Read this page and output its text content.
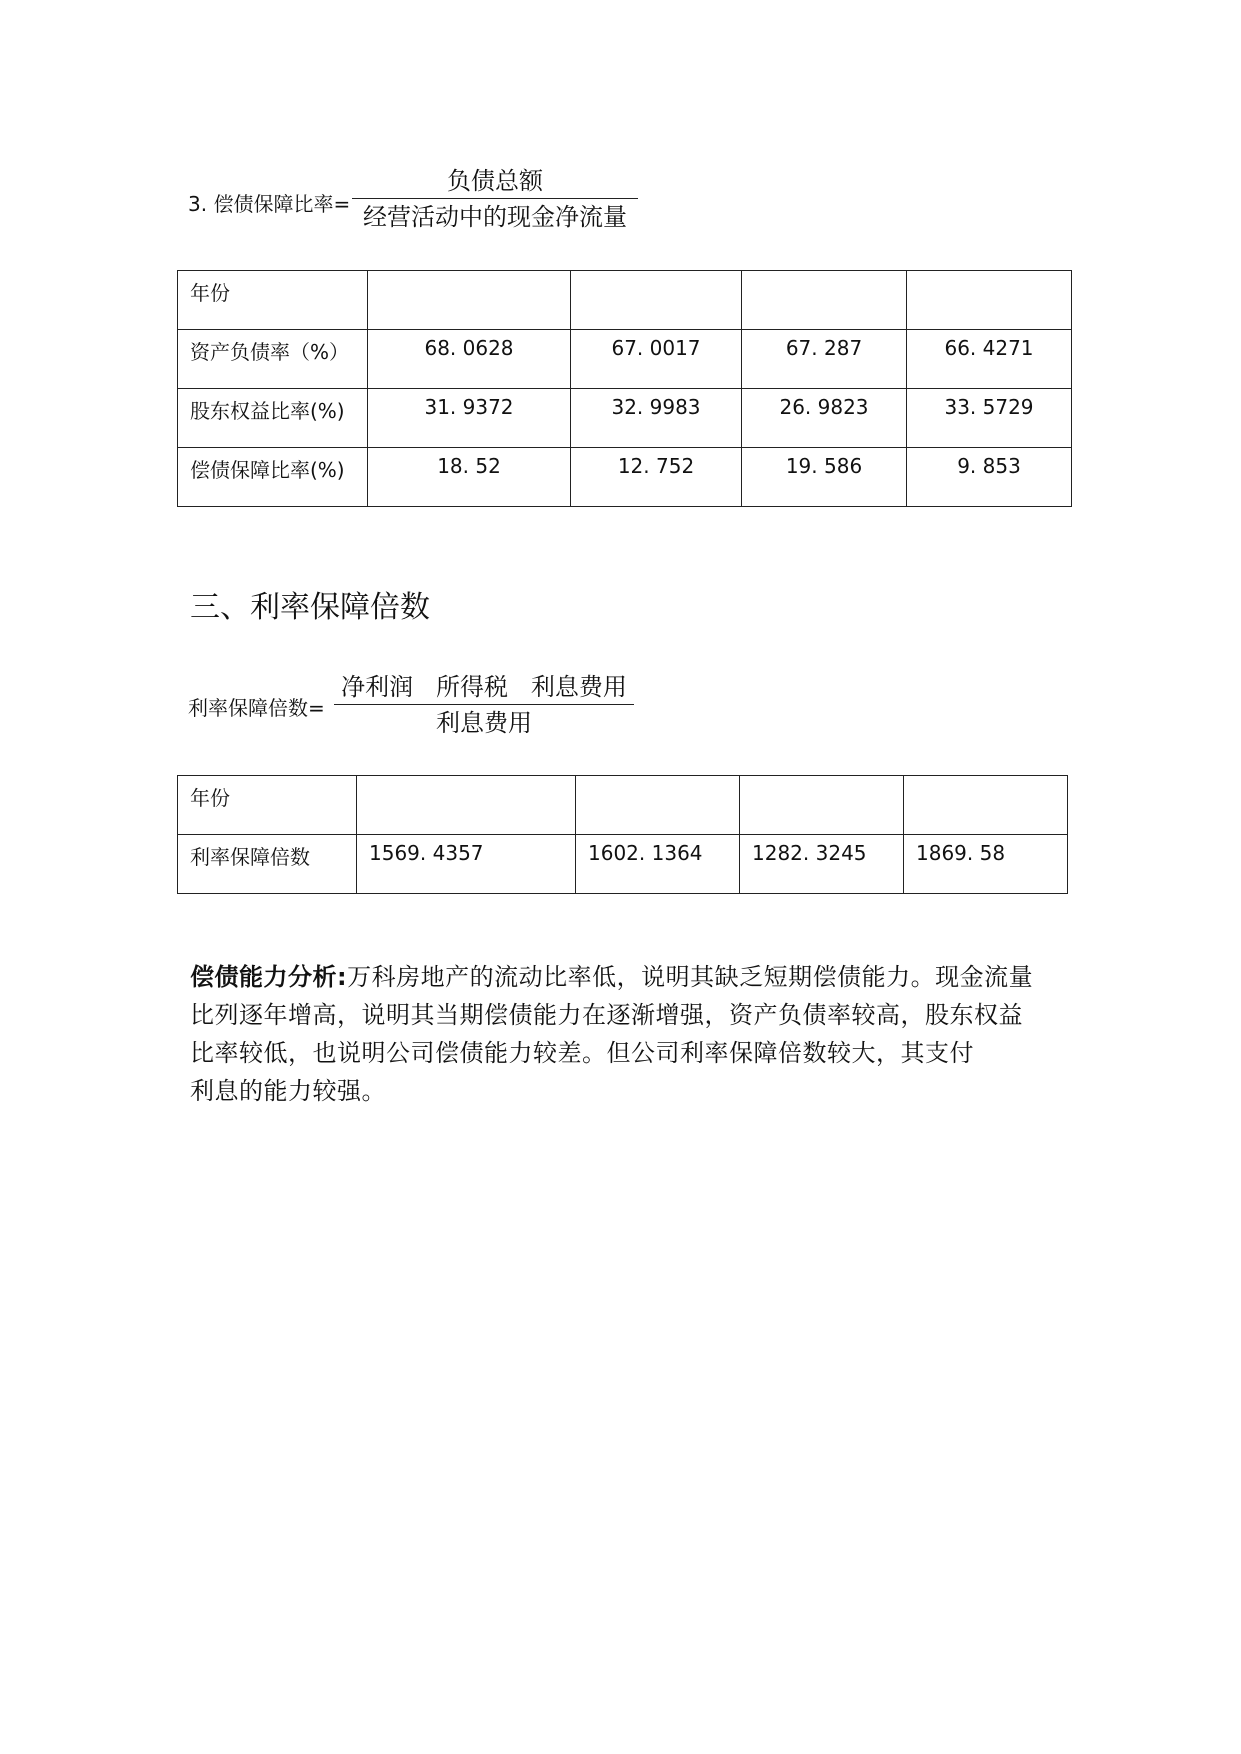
3. 偿债保障比率=
负债总额
经营活动中的现金净流量
年份				
资产负债率（%）	68. 0628	67. 0017	67. 287	66. 4271
股东权益比率(%)	31. 9372	32. 9983	26. 9823	33. 5729
偿债保障比率(%)	18. 52	12. 752	19. 586	9. 853
三、利率保障倍数
利率保障倍数=
净利润   所得税   利息费用
利息费用
年份				
利率保障倍数	1569. 4357	1602. 1364	1282. 3245	1869. 58
偿债能力分析:万科房地产的流动比率低，说明其缺乏短期偿债能力。现金流量
比列逐年增高，说明其当期偿债能力在逐渐增强，资产负债率较高，股东权益
比率较低，也说明公司偿债能力较差。但公司利率保障倍数较大，其支付
利息的能力较强。
